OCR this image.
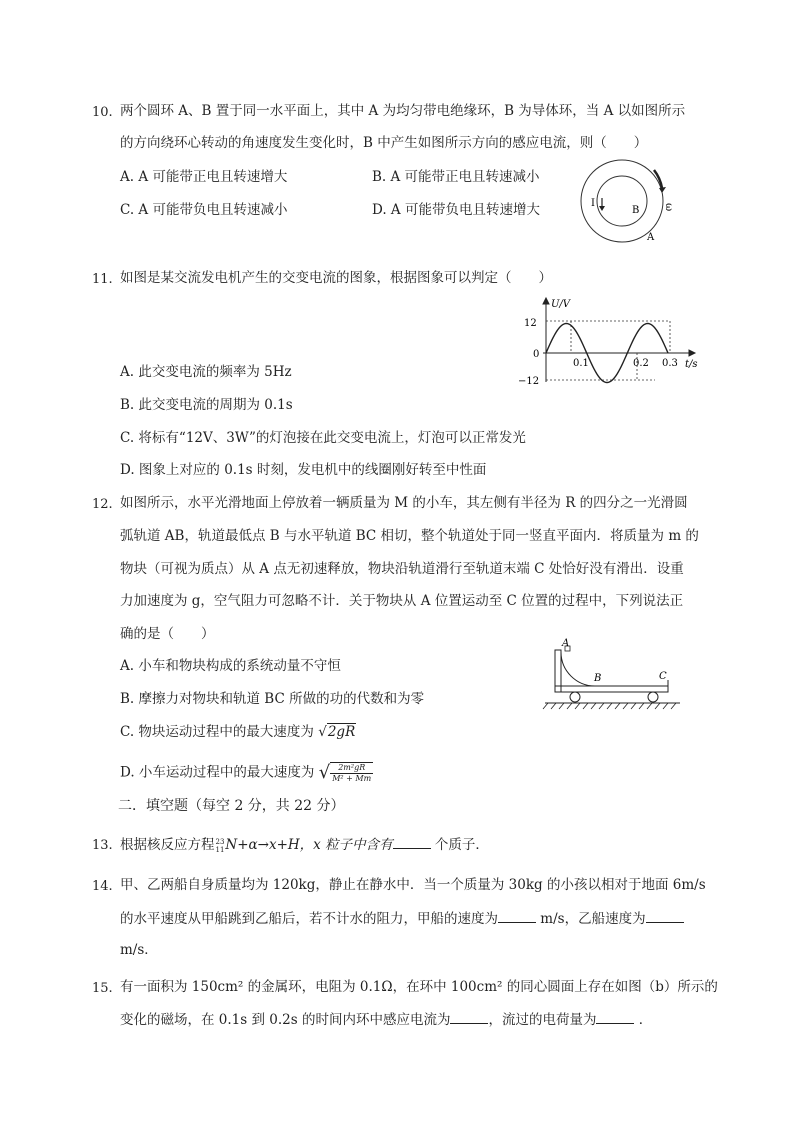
10. 两个圆环 A、B 置于同一水平面上，其中 A 为均匀带电绝缘环，B 为导体环，当 A 以如图所示
的方向绕环心转动的角速度发生变化时，B 中产生如图所示方向的感应电流，则（　　）
A. A 可能带正电且转速增大	B. A 可能带正电且转速减小
C. A 可能带负电且转速减小	D. A 可能带负电且转速增大	I
B
A
ω
11. 如图是某交流发电机产生的交变电流的图象，根据图象可以判定（　　）
U/V
t/s
12
0
−12
0.1	0.2 0.3
A. 此交变电流的频率为 5Hz
B. 此交变电流的周期为 0.1s
C. 将标有“12V、3W”的灯泡接在此交变电流上，灯泡可以正常发光
D. 图象上对应的 0.1s 时刻，发电机中的线圈刚好转至中性面
12. 如图所示，水平光滑地面上停放着一辆质量为 M 的小车，其左侧有半径为 R 的四分之一光滑圆
弧轨道 AB，轨道最低点 B 与水平轨道 BC 相切，整个轨道处于同一竖直平面内．将质量为 m 的
物块（可视为质点）从 A 点无初速释放，物块沿轨道滑行至轨道末端 C 处恰好没有滑出．设重
力加速度为 g，空气阻力可忽略不计．关于物块从 A 位置运动至 C 位置的过程中，下列说法正
确的是（　　）
A. 小车和物块构成的系统动量不守恒
B. 摩擦力对物块和轨道 BC 所做的功的代数和为零
C. 物块运动过程中的最大速度为 √2gR
D. 小车运动过程中的最大速度为 √ $\frac{\text{2m²gR}}{\text{M² + Mm}}$
A
B	C
二．填空题（每空 2 分，共 22 分）
13. 根据核反应方程 23
11 N+α→x+H，x 粒子中含有	个质子．
14. 甲、乙两船自身质量均为 120kg，静止在静水中．当一个质量为 30kg 的小孩以相对于地面 6m/s
的水平速度从甲船跳到乙船后，若不计水的阻力，甲船的速度为	m/s，乙船速度为
m/s．
15. 有一面积为 150cm² 的金属环，电阻为 0.1Ω，在环中 100cm² 的同心圆面上存在如图（b）所示的
变化的磁场，在 0.1s 到 0.2s 的时间内环中感应电流为	，流过的电荷量为	．
